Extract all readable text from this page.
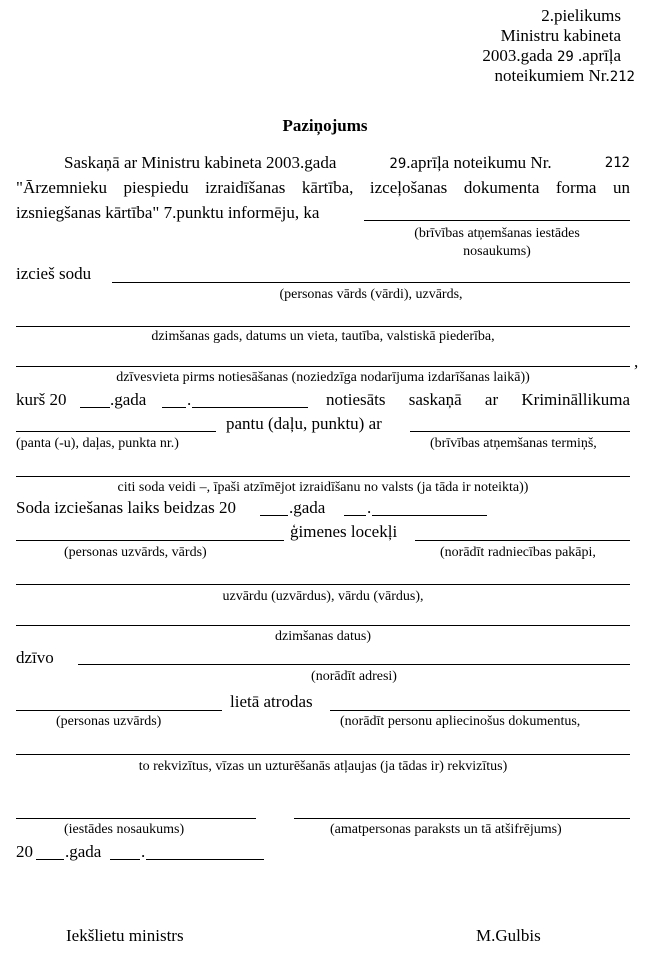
2.pielikums
Ministru kabineta
2003.gada 29 .aprīļa
noteikumiem Nr.212
Paziņojums
Saskaņā ar Ministru kabineta 2003.gada	29.aprīļa noteikumu Nr.	212
"Ārzemnieku piespiedu izraidīšanas kārtība, izceļošanas dokumenta forma un
izsniegšanas kārtība" 7.punktu informēju, ka
(brīvības atņemšanas iestādes
nosaukums)
izcieš sodu
(personas vārds (vārdi), uzvārds,
dzimšanas gads, datums un vieta, tautība, valstiskā piederība,
,
dzīvesvieta pirms notiesāšanas (noziedzīga nodarījuma izdarīšanas laikā))
kurš 20	.gada .	notiesāts saskaņā ar Krimināllikuma
pantu (daļu, punktu) ar
(panta (-u), daļas, punkta nr.)	(brīvības atņemšanas termiņš,
citi soda veidi –, īpaši atzīmējot izraidīšanu no valsts (ja tāda ir noteikta))
Soda izciešanas laiks beidzas 20	.gada .
ģimenes locekļi
(personas uzvārds, vārds)	(norādīt radniecības pakāpi,
uzvārdu (uzvārdus), vārdu (vārdus),
dzimšanas datus)
dzīvo
(norādīt adresi)
lietā atrodas
(personas uzvārds)	(norādīt personu apliecinošus dokumentus,
to rekvizītus, vīzas un uzturēšanās atļaujas (ja tādas ir) rekvizītus)
(iestādes nosaukums)	(amatpersonas paraksts un tā atšifrējums)
20 .gada .
Iekšlietu ministrs	M.Gulbis
